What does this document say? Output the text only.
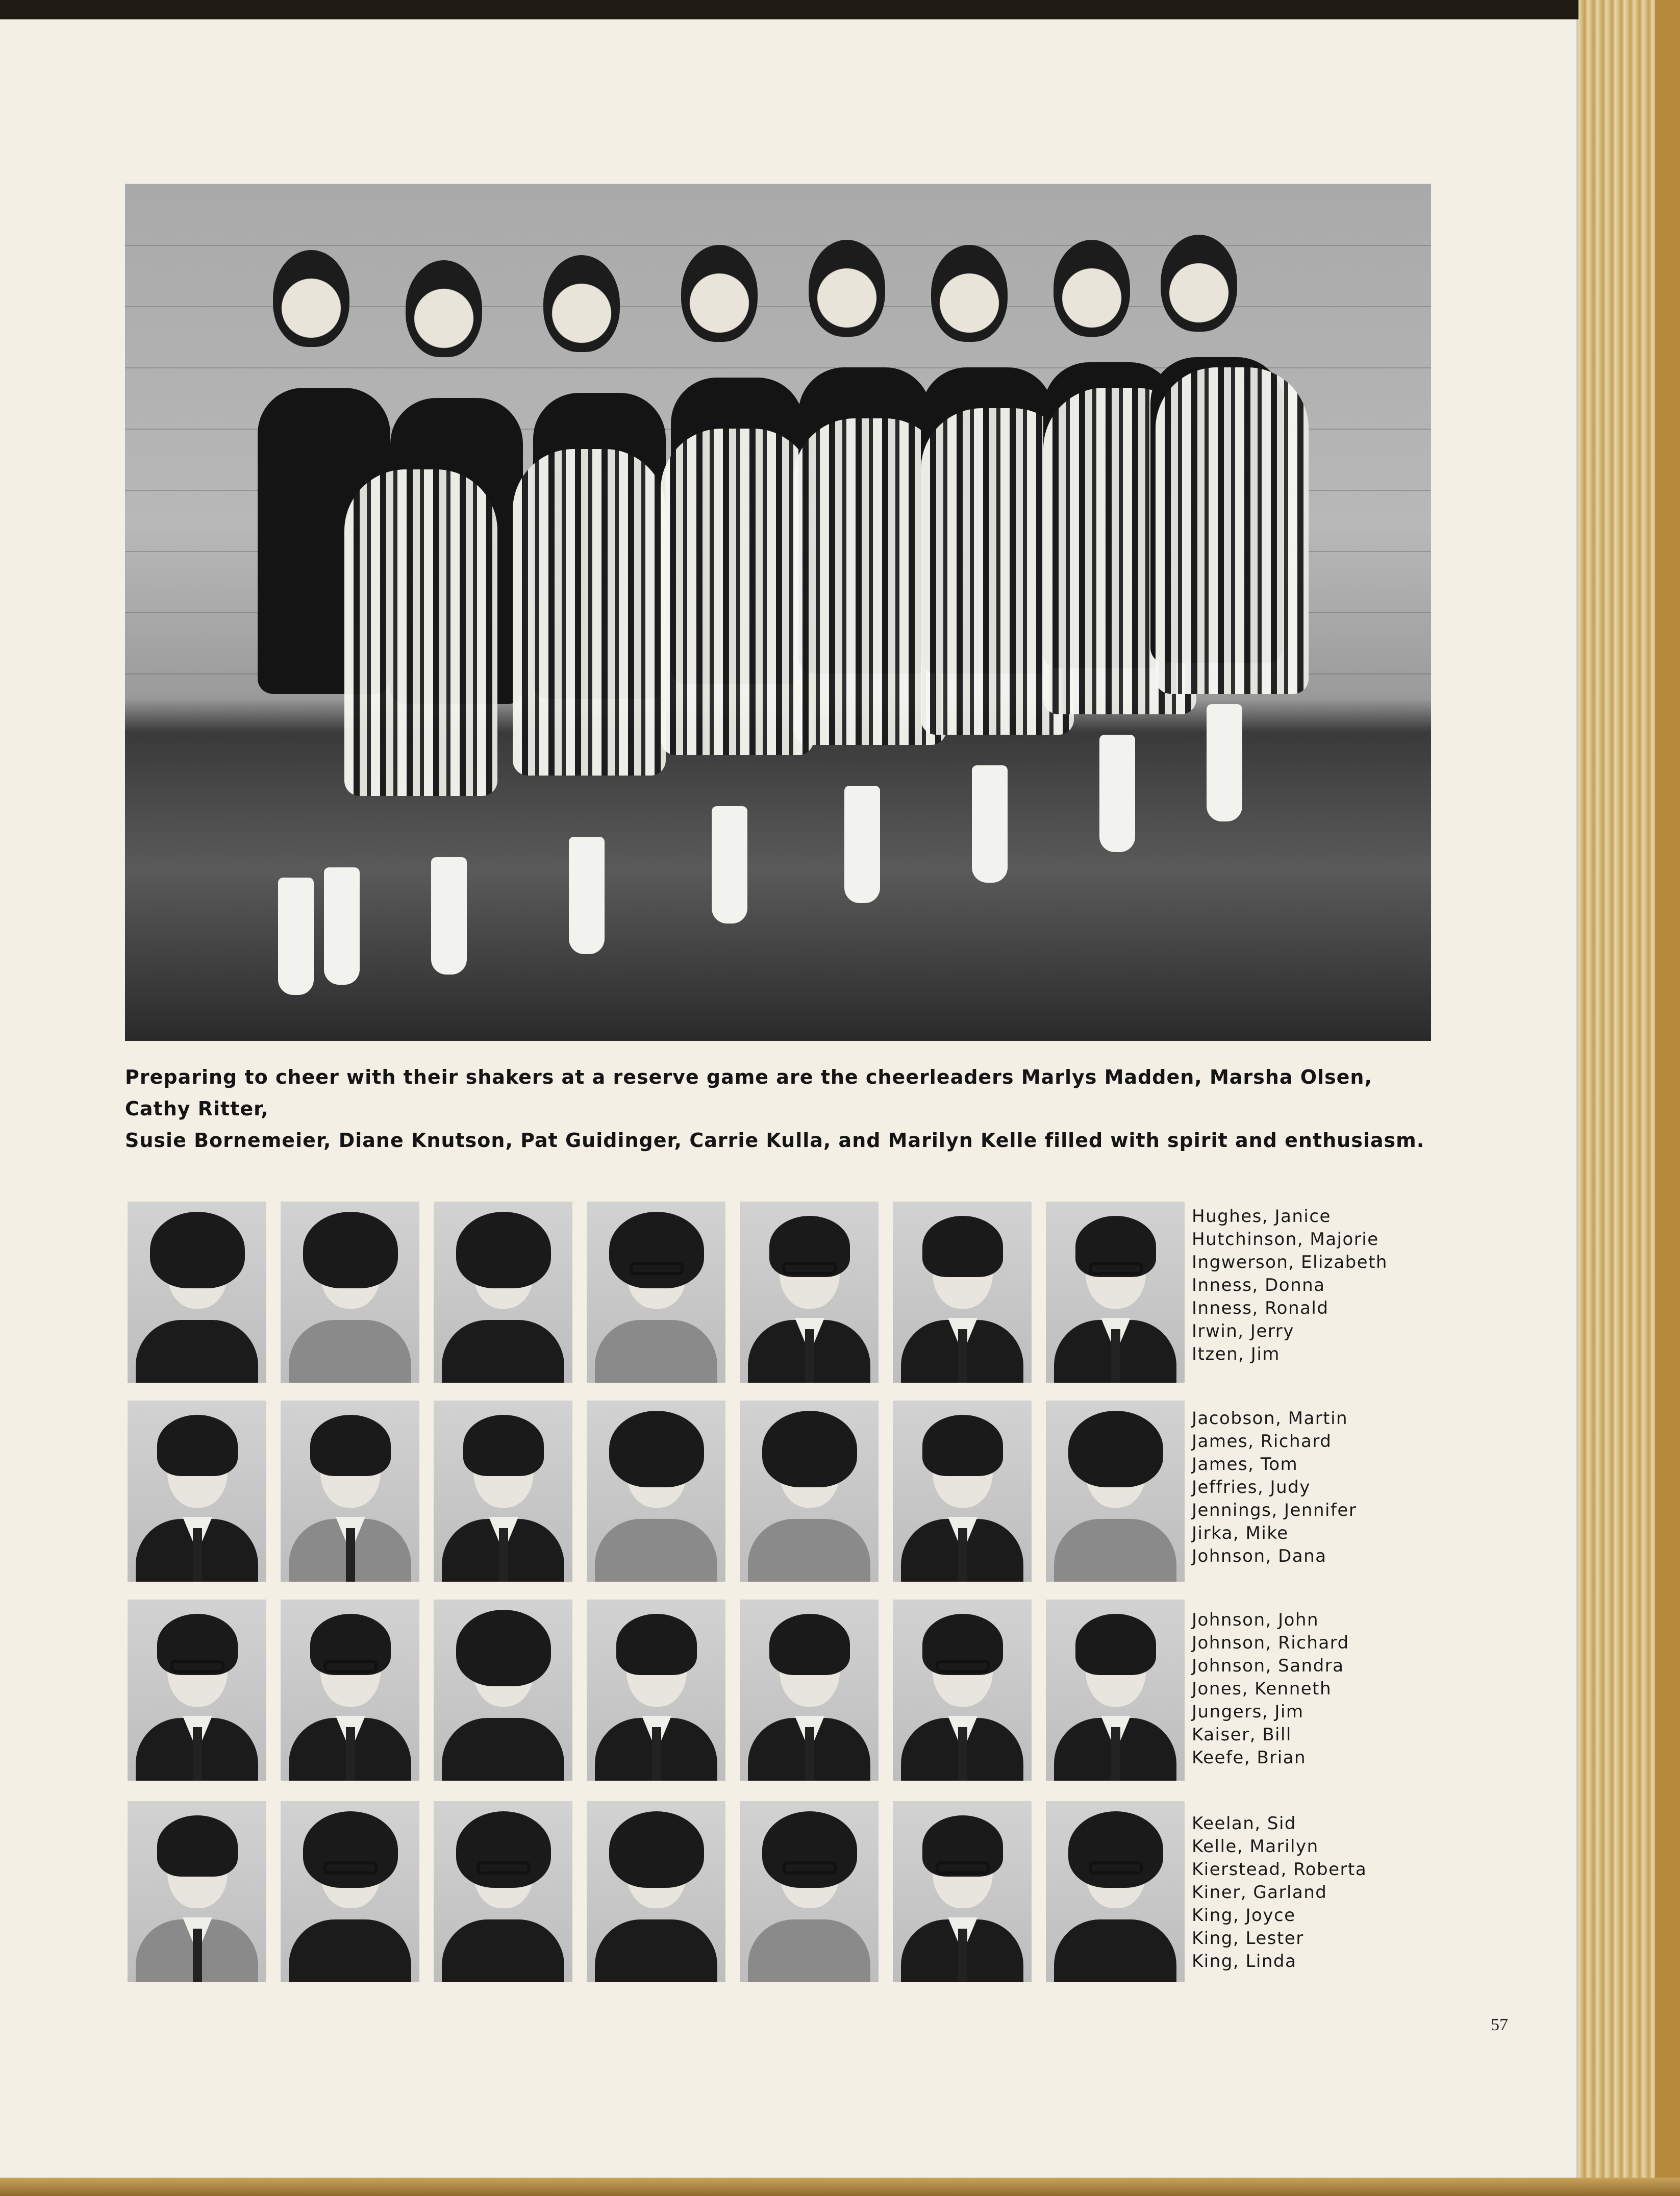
Preparing to cheer with their shakers at a reserve game are the cheerleaders Marlys Madden, Marsha Olsen, Cathy Ritter,
Susie Bornemeier, Diane Knutson, Pat Guidinger, Carrie Kulla, and Marilyn Kelle filled with spirit and enthusiasm.
Hughes, Janice
Hutchinson, Majorie
Ingwerson, Elizabeth
Inness, Donna
Inness, Ronald
Irwin, Jerry
Itzen, Jim
Jacobson, Martin
James, Richard
James, Tom
Jeffries, Judy
Jennings, Jennifer
Jirka, Mike
Johnson, Dana
Johnson, John
Johnson, Richard
Johnson, Sandra
Jones, Kenneth
Jungers, Jim
Kaiser, Bill
Keefe, Brian
Keelan, Sid
Kelle, Marilyn
Kierstead, Roberta
Kiner, Garland
King, Joyce
King, Lester
King, Linda
57
